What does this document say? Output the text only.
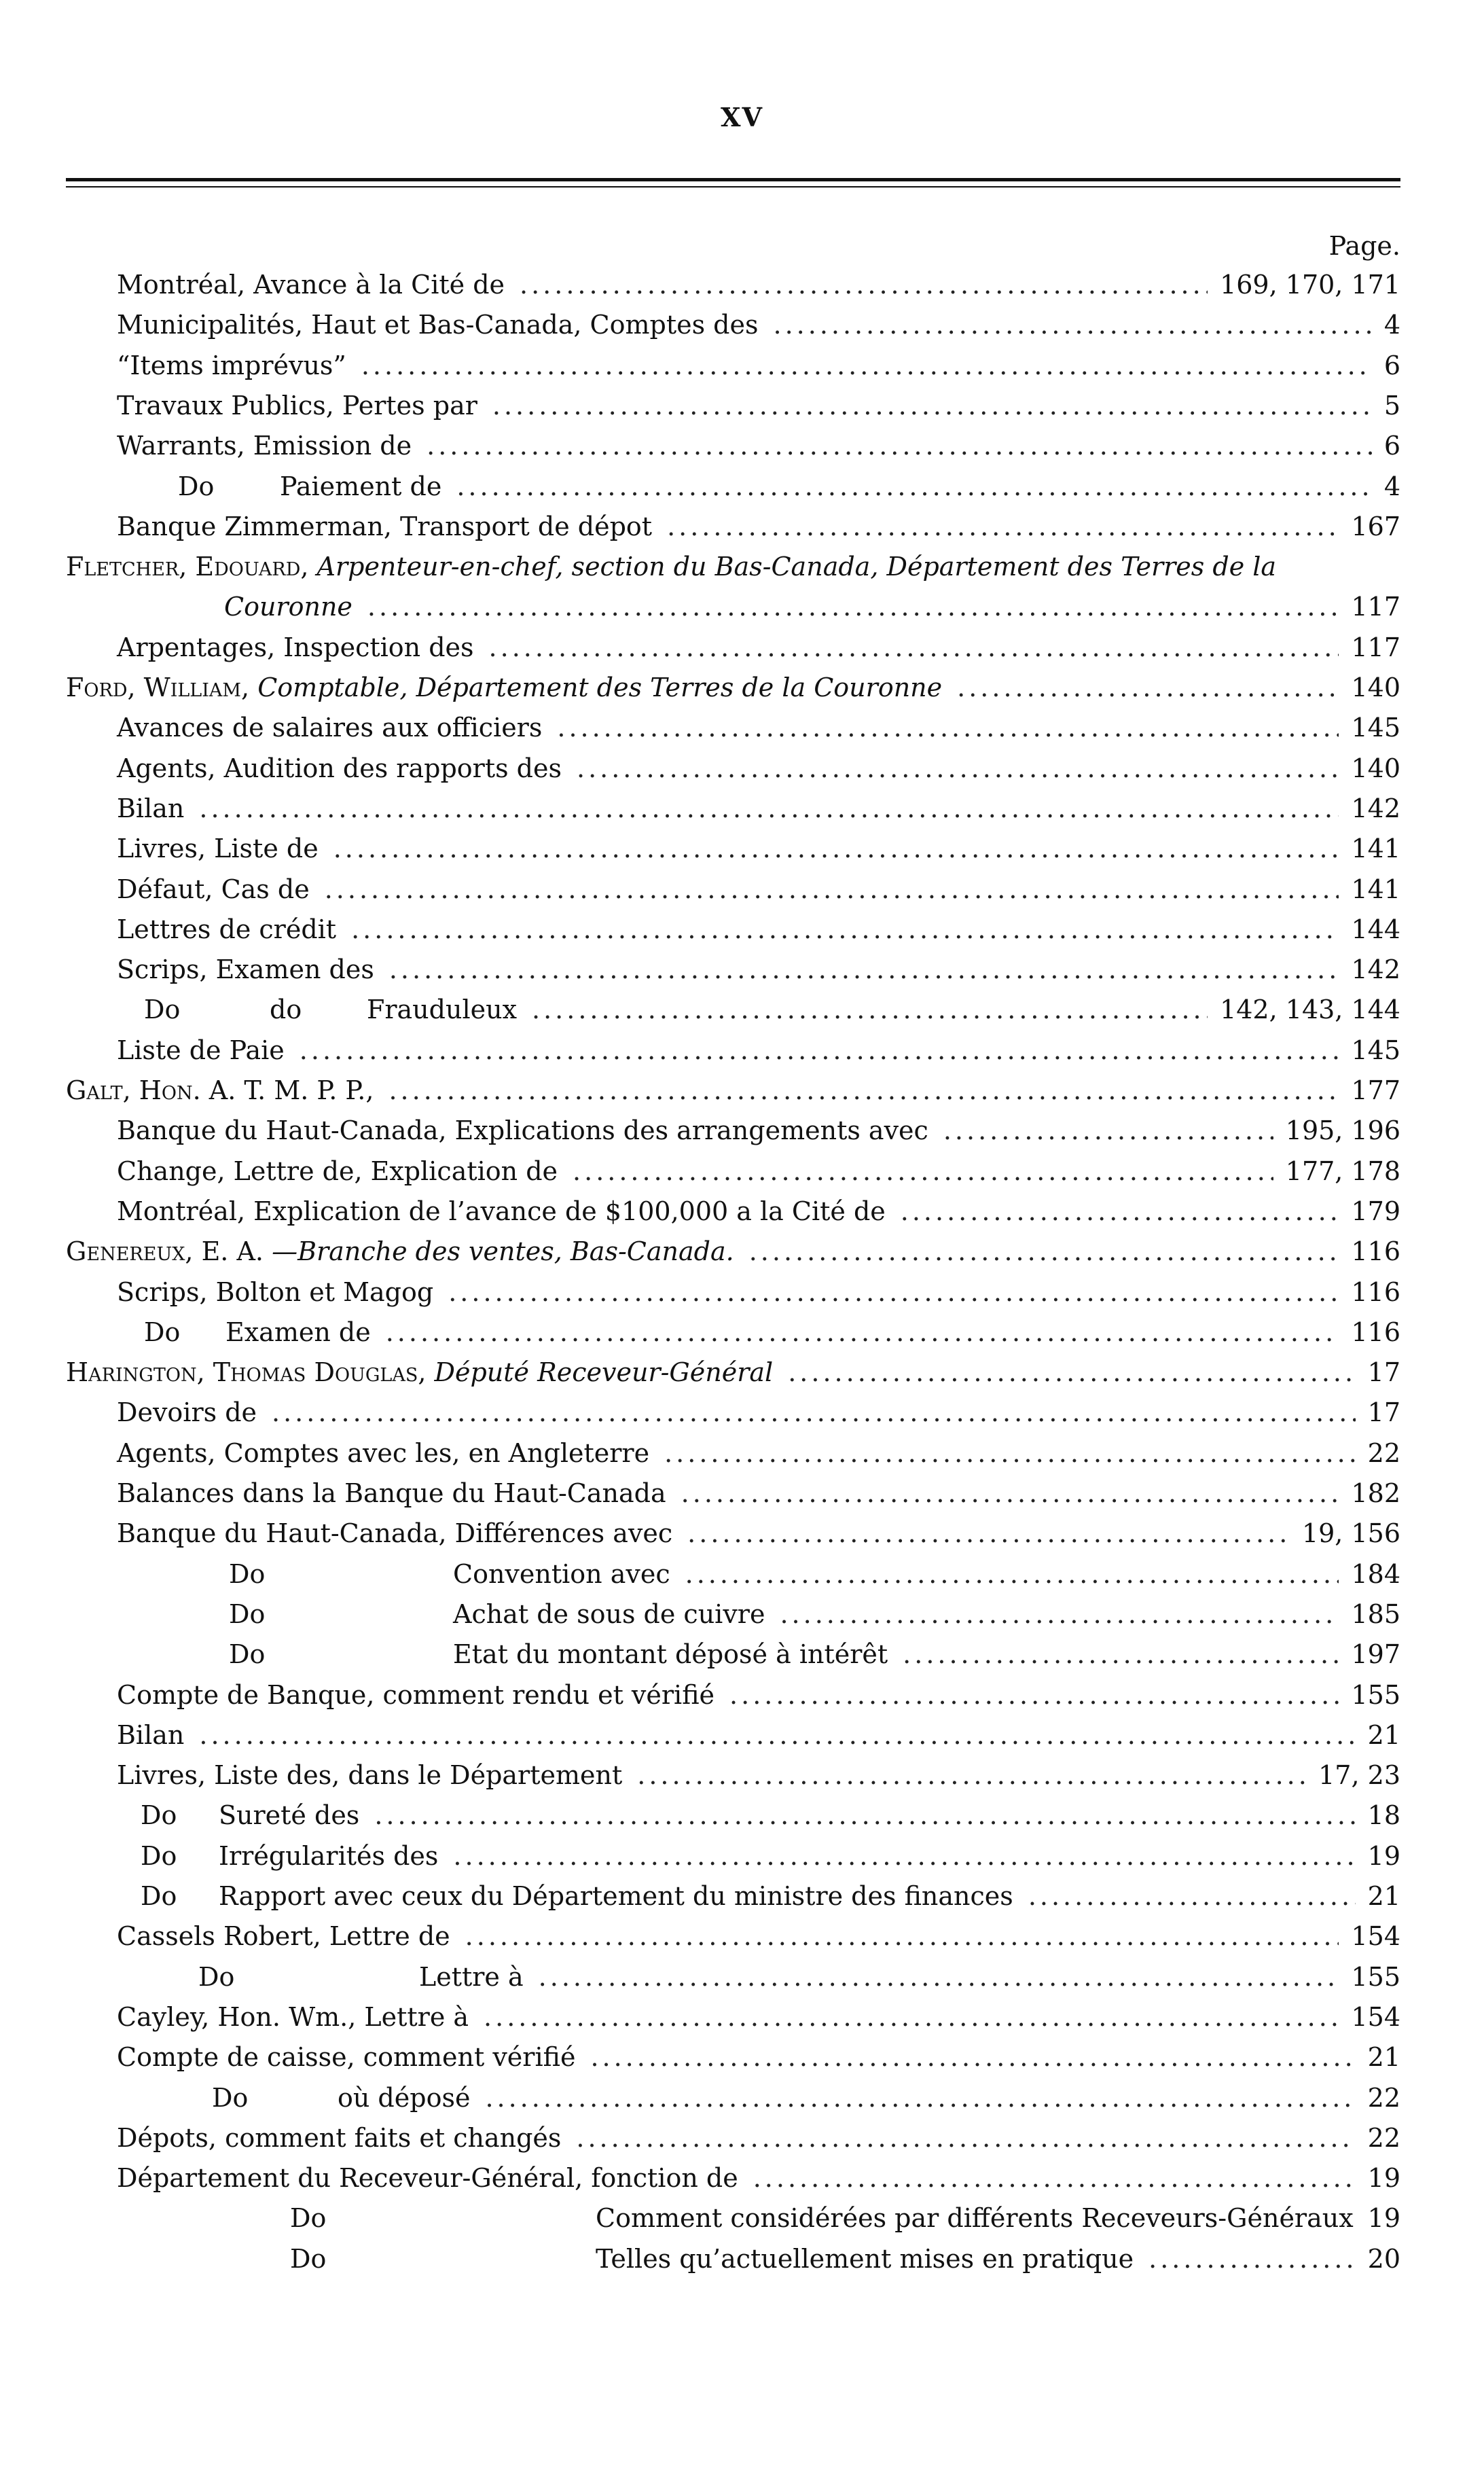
XV
Page.
Montréal, Avance à la Cité de	169, 170, 171
.....
Municipalités, Haut et Bas-Canada, Comptes des	4
.....
“Items imprévus”	6
.....
Travaux Publics, Pertes par	5
.....
Warrants, Emission de	6
.....
Do	Paiement de	4
.....
Banque Zimmerman, Transport de dépot	167
.....
Fletcher, Edouard, Arpenteur-en-chef, section du Bas-Canada, Département des Terres de la
Couronne	117
.....
Arpentages, Inspection des	117
.....
Ford, William, Comptable, Département des Terres de la Couronne	140
.....
Avances de salaires aux officiers	145
.....
Agents, Audition des rapports des	140
.....
Bilan	142
.....
Livres, Liste de	141
.....
Défaut, Cas de	141
.....
Lettres de crédit	144
.....
Scrips, Examen des	142
.....
Do	do	Frauduleux	142, 143, 144
.....
Liste de Paie	145
.....
Galt, Hon. A. T. M. P. P.,	177
.....
Banque du Haut-Canada, Explications des arrangements avec	195, 196
.....
Change, Lettre de, Explication de	177, 178
.....
Montréal, Explication de l’avance de $100,000 a la Cité de	179
.....
Genereux, E. A. —Branche des ventes, Bas-Canada.	116
.....
Scrips, Bolton et Magog	116
.....
Do Examen de	116
.....
Harington, Thomas Douglas, Député Receveur-Général	17
.....
Devoirs de	17
.....
Agents, Comptes avec les, en Angleterre	22
.....
Balances dans la Banque du Haut-Canada	182
.....
Banque du Haut-Canada, Différences avec	19, 156
.....
Do	Convention avec	184
.....
Do	Achat de sous de cuivre	185
.....
Do	Etat du montant déposé à intérêt	197
.....
Compte de Banque, comment rendu et vérifié	155
.....
Bilan	21
.....
Livres, Liste des, dans le Département	17, 23
.....
Do Sureté des	18
.....
Do Irrégularités des	19
.....
Do Rapport avec ceux du Département du ministre des finances	21
.....
Cassels Robert, Lettre de	154
.....
Do	Lettre à	155
.....
Cayley, Hon. Wm., Lettre à	154
.....
Compte de caisse, comment vérifié	21
.....
Do	où déposé	22
.....
Dépots, comment faits et changés	22
.....
Département du Receveur-Général, fonction de	19
.....
Do	Comment considérées par différents Receveurs-Généraux 19
Do	Telles qu’actuellement mises en pratique	20
.....
